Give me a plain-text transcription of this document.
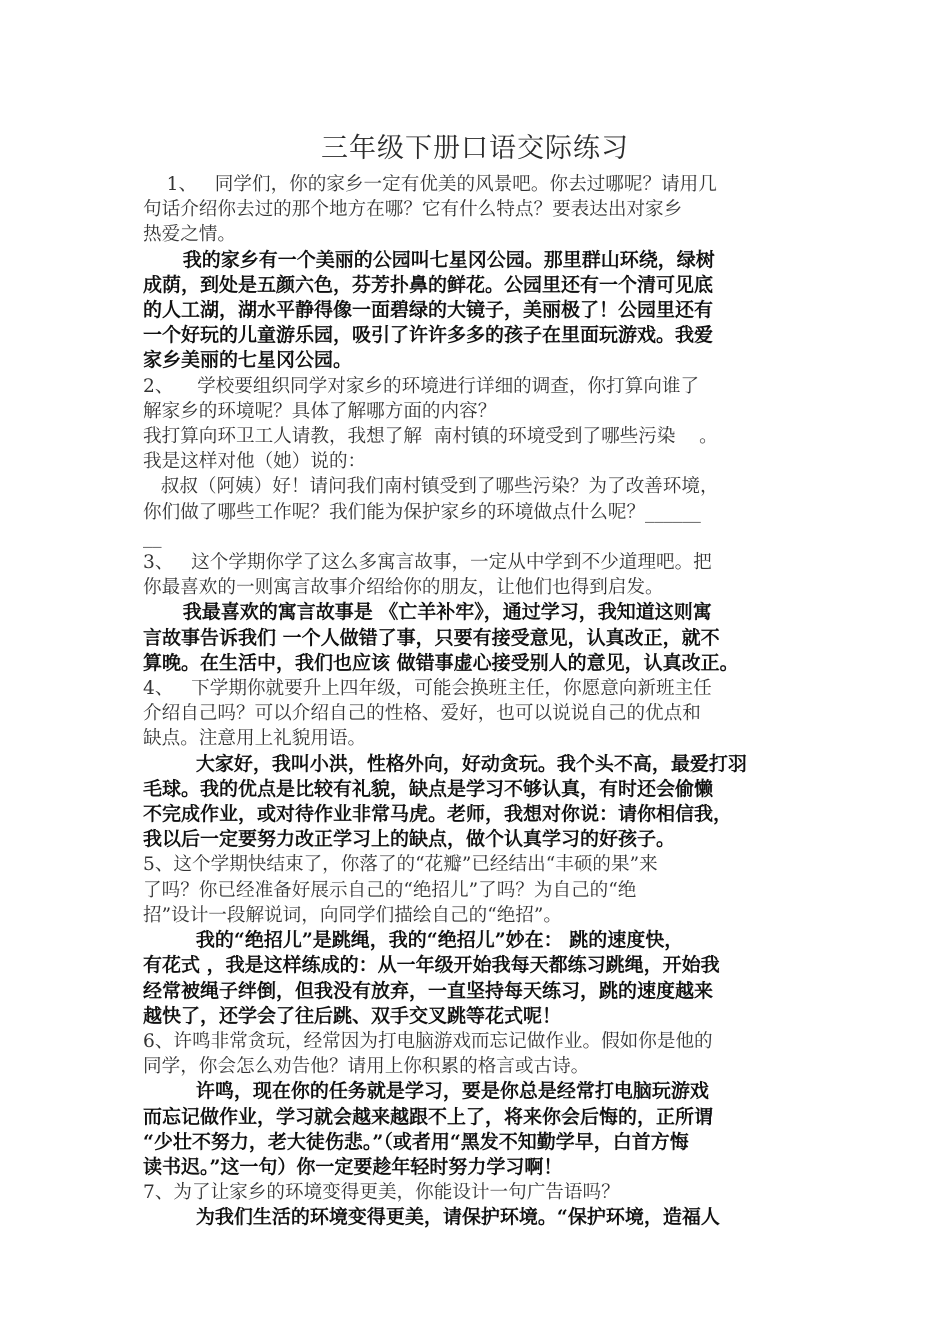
三年级下册口语交际练习

1、   同学们，你的家乡一定有优美的风景吧。你去过哪呢？请用几

句话介绍你去过的那个地方在哪？它有什么特点？要表达出对家乡

热爱之情。

我的家乡有一个美丽的公园叫七星冈公园。那里群山环绕，绿树

成荫，到处是五颜六色，芬芳扑鼻的鲜花。公园里还有一个清可见底

的人工湖，湖水平静得像一面碧绿的大镜子，美丽极了！公园里还有

一个好玩的儿童游乐园，吸引了许许多多的孩子在里面玩游戏。我爱

家乡美丽的七星冈公园。

2、    学校要组织同学对家乡的环境进行详细的调查，你打算向谁了

解家乡的环境呢？具体了解哪方面的内容？

我打算向环卫工人请教，我想了解  南村镇的环境受到了哪些污染    。

我是这样对他（她）说的：

叔叔（阿姨）好！请问我们南村镇受到了哪些污染？为了改善环境，

你们做了哪些工作呢？我们能为保护家乡的环境做点什么呢？______

__

3、   这个学期你学了这么多寓言故事，一定从中学到不少道理吧。把

你最喜欢的一则寓言故事介绍给你的朋友，让他们也得到启发。

我最喜欢的寓言故事是 《亡羊补牢》，通过学习，我知道这则寓

言故事告诉我们 一个人做错了事，只要有接受意见，认真改正，就不

算晚。在生活中，我们也应该 做错事虚心接受别人的意见，认真改正。

4、   下学期你就要升上四年级，可能会换班主任，你愿意向新班主任

介绍自己吗？可以介绍自己的性格、爱好，也可以说说自己的优点和

缺点。注意用上礼貌用语。

大家好，我叫小洪，性格外向，好动贪玩。我个头不高，最爱打羽

毛球。我的优点是比较有礼貌，缺点是学习不够认真，有时还会偷懒

不完成作业，或对待作业非常马虎。老师，我想对你说：请你相信我，

我以后一定要努力改正学习上的缺点，做个认真学习的好孩子。

5、这个学期快结束了，你落了的“花瓣”已经结出“丰硕的果”来

了吗？你已经准备好展示自己的“绝招儿”了吗？为自己的“绝

招”设计一段解说词，向同学们描绘自己的“绝招”。

我的“绝招儿”是跳绳，我的“绝招儿”妙在： 跳的速度快，

有花式 ，我是这样练成的：从一年级开始我每天都练习跳绳，开始我

经常被绳子绊倒，但我没有放弃，一直坚持每天练习，跳的速度越来

越快了，还学会了往后跳、双手交叉跳等花式呢！

6、许鸣非常贪玩，经常因为打电脑游戏而忘记做作业。假如你是他的

同学，你会怎么劝告他？请用上你积累的格言或古诗。

许鸣，现在你的任务就是学习，要是你总是经常打电脑玩游戏

而忘记做作业，学习就会越来越跟不上了，将来你会后悔的，正所谓

“少壮不努力，老大徒伤悲。”（或者用“黑发不知勤学早，白首方悔

读书迟。”这一句）你一定要趁年轻时努力学习啊！

7、为了让家乡的环境变得更美，你能设计一句广告语吗？

为我们生活的环境变得更美，请保护环境。“保护环境，造福人
